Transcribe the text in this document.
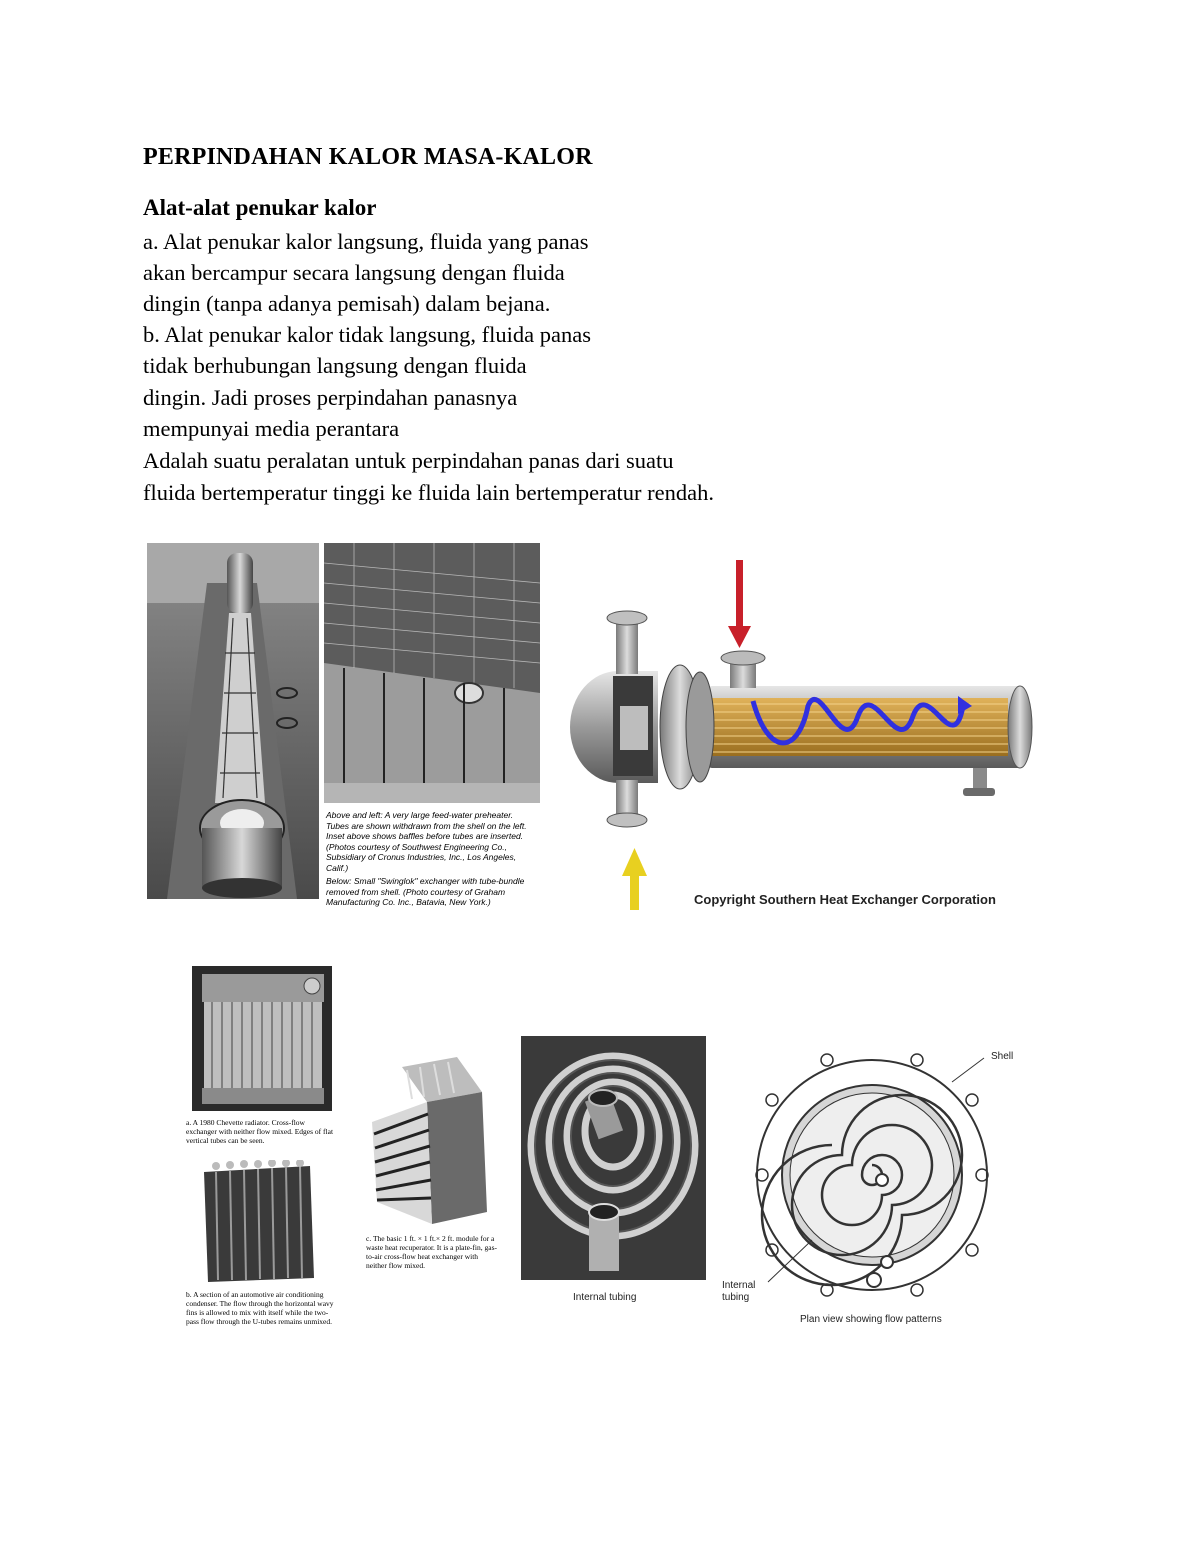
PERPINDAHAN KALOR MASA-KALOR
Alat-alat penukar kalor
a. Alat penukar kalor langsung, fluida yang panas
akan bercampur secara langsung dengan fluida
dingin (tanpa adanya pemisah) dalam bejana.
b. Alat penukar kalor tidak langsung, fluida panas
tidak berhubungan langsung dengan fluida
dingin. Jadi proses perpindahan panasnya
mempunyai media perantara
Adalah suatu peralatan untuk perpindahan panas dari suatu
fluida bertemperatur tinggi ke fluida lain bertemperatur rendah.
Above and left: A very large feed-water preheater. Tubes are shown withdrawn from the shell on the left. Inset above shows baffles before tubes are inserted. (Photos courtesy of Southwest Engineering Co., Subsidiary of Cronus Industries, Inc., Los Angeles, Calif.)
Below: Small "Swinglok" exchanger with tube-bundle removed from shell. (Photo courtesy of Graham Manufacturing Co. Inc., Batavia, New York.)	Copyright Southern Heat Exchanger Corporation
a. A 1980 Chevette radiator. Cross-flow exchanger with neither flow mixed. Edges of flat vertical tubes can be seen.
b. A section of an automotive air conditioning condenser. The flow through the horizontal wavy fins is allowed to mix with itself while the two-pass flow through the U-tubes remains unmixed.
c. The basic 1 ft. × 1 ft.× 2 ft. module for a waste heat recuperator. It is a plate-fin, gas-to-air cross-flow heat exchanger with neither flow mixed.
Internal tubing
Shell
Internal tubing
Plan view showing flow patterns
